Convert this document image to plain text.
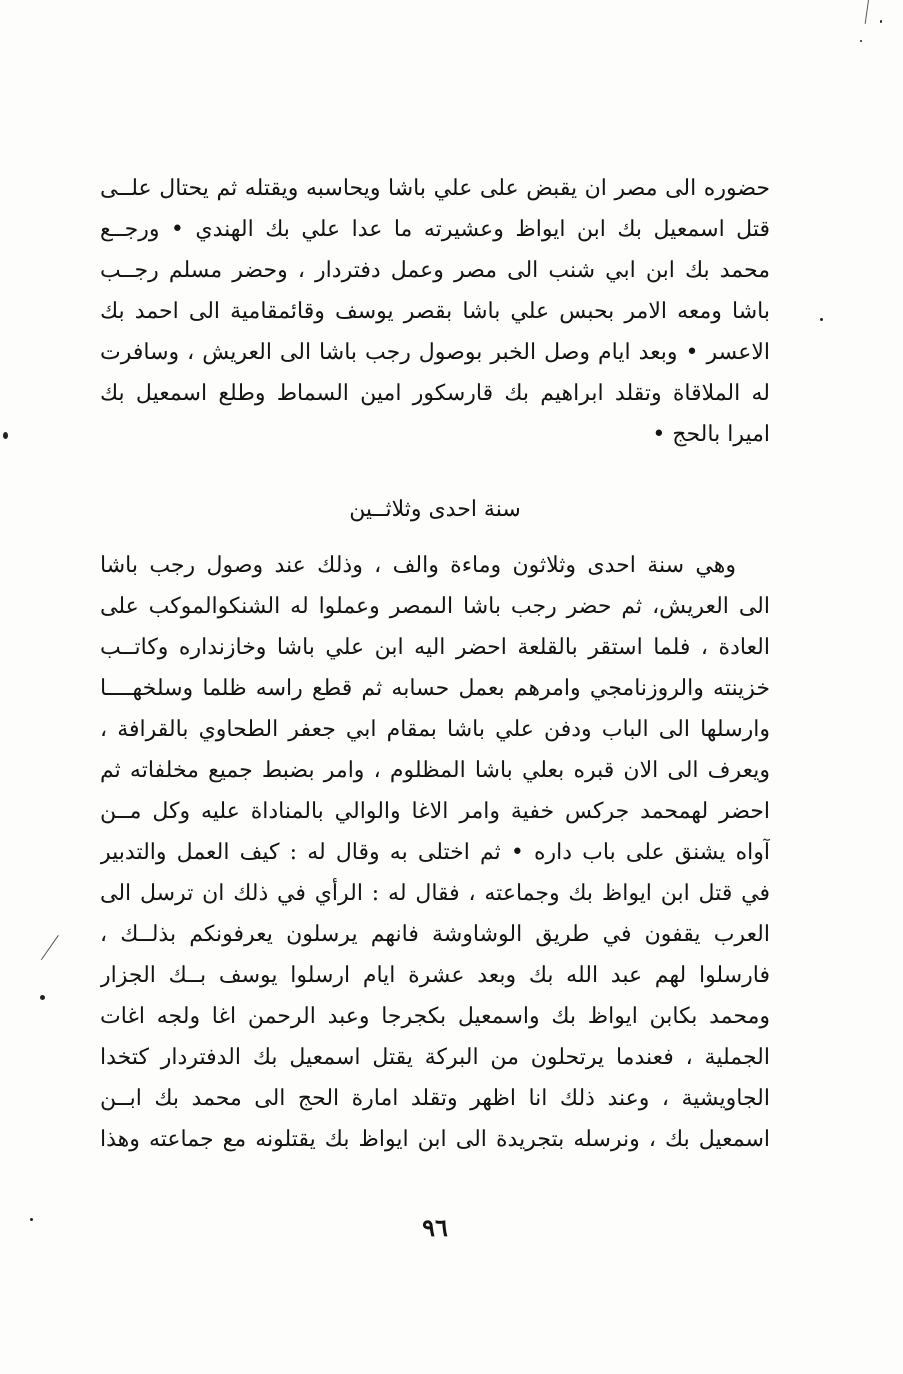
حضوره الى مصر ان يقبض على علي باشا ويحاسبه ويقتله ثم يحتال علــى
قتل اسمعيل بك ابن ايواظ وعشيرته ما عدا علي بك الهندي • ورجــع
محمد بك ابن ابي شنب الى مصر وعمل دفتردار ، وحضر مسلم رجــب
باشا ومعه الامر بحبس علي باشا بقصر يوسف وقائمقامية الى احمد بك
الاعسر • وبعد ايام وصل الخبر بوصول رجب باشا الى العريش ، وسافرت
له الملاقاة وتقلد ابراهيم بك قارسكور امين السماط وطلع اسمعيل بك
اميرا بالحج •
سنة احدى وثلاثــين
وهي سنة احدى وثلاثون وماءة والف ، وذلك عند وصول رجب باشا
الى العريش، ثم حضر رجب باشا الىمصر وعملوا له الشنكوالموكب على
العادة ، فلما استقر بالقلعة احضر اليه ابن علي باشا وخازنداره وكاتــب
خزينته والروزنامجي وامرهم بعمل حسابه ثم قطع راسه ظلما وسلخهــــا
وارسلها الى الباب ودفن علي باشا بمقام ابي جعفر الطحاوي بالقرافة ،
ويعرف الى الان قبره بعلي باشا المظلوم ، وامر بضبط جميع مخلفاته ثم
احضر لهمحمد جركس خفية وامر الاغا والوالي بالمناداة عليه وكل مــن
آواه يشنق على باب داره • ثم اختلى به وقال له : كيف العمل والتدبير
في قتل ابن ايواظ بك وجماعته ، فقال له : الرأي في ذلك ان ترسل الى
العرب يقفون في طريق الوشاوشة فانهم يرسلون يعرفونكم بذلــك ،
فارسلوا لهم عبد الله بك وبعد عشرة ايام ارسلوا يوسف بــك الجزار
ومحمد بكابن ايواظ بك واسمعيل بكجرجا وعبد الرحمن اغا ولجه اغات
الجملية ، فعندما يرتحلون من البركة يقتل اسمعيل بك الدفتردار كتخدا
الجاويشية ، وعند ذلك انا اظهر وتقلد امارة الحج الى محمد بك ابــن
اسمعيل بك ، ونرسله بتجريدة الى ابن ايواظ بك يقتلونه مع جماعته وهذا
٩٦
